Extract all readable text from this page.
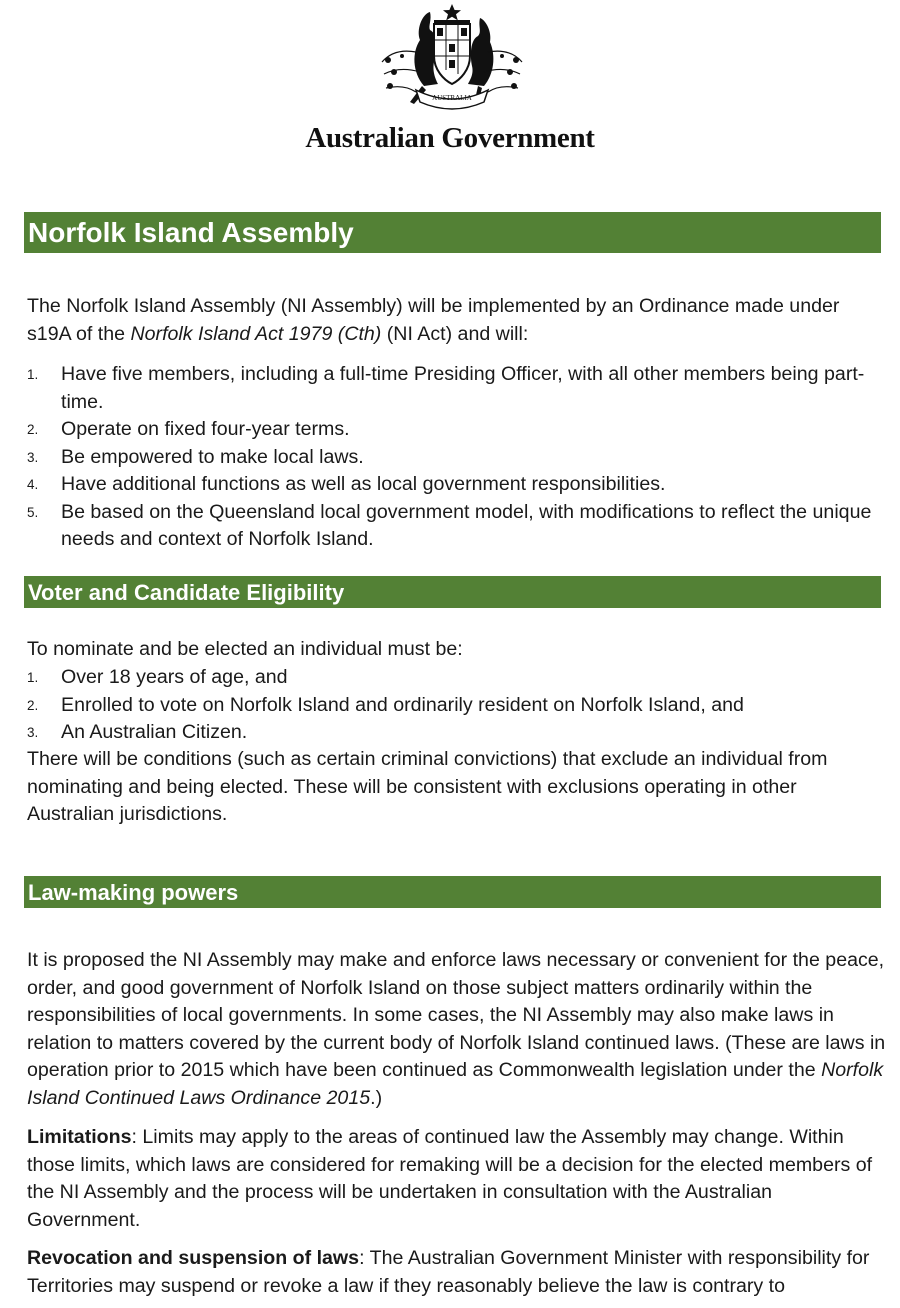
AUSTRALIA
Australian Government
Norfolk Island Assembly

The Norfolk Island Assembly (NI Assembly) will be implemented by an Ordinance made under s19A of the Norfolk Island Act 1979 (Cth) (NI Act) and will:

1. Have five members, including a full-time Presiding Officer, with all other members being part-time.
2. Operate on fixed four-year terms.
3. Be empowered to make local laws.
4. Have additional functions as well as local government responsibilities.
5. Be based on the Queensland local government model, with modifications to reflect the unique needs and context of Norfolk Island.
Voter and Candidate Eligibility

To nominate and be elected an individual must be:

1. Over 18 years of age, and
2. Enrolled to vote on Norfolk Island and ordinarily resident on Norfolk Island, and
3. An Australian Citizen.

There will be conditions (such as certain criminal convictions) that exclude an individual from nominating and being elected. These will be consistent with exclusions operating in other Australian jurisdictions.

Law-making powers

It is proposed the NI Assembly may make and enforce laws necessary or convenient for the peace, order, and good government of Norfolk Island on those subject matters ordinarily within the responsibilities of local governments. In some cases, the NI Assembly may also make laws in relation to matters covered by the current body of Norfolk Island continued laws. (These are laws in operation prior to 2015 which have been continued as Commonwealth legislation under the Norfolk Island Continued Laws Ordinance 2015.)

Limitations: Limits may apply to the areas of continued law the Assembly may change. Within those limits, which laws are considered for remaking will be a decision for the elected members of the NI Assembly and the process will be undertaken in consultation with the Australian Government.

Revocation and suspension of laws: The Australian Government Minister with responsibility for Territories may suspend or revoke a law if they reasonably believe the law is contrary to
